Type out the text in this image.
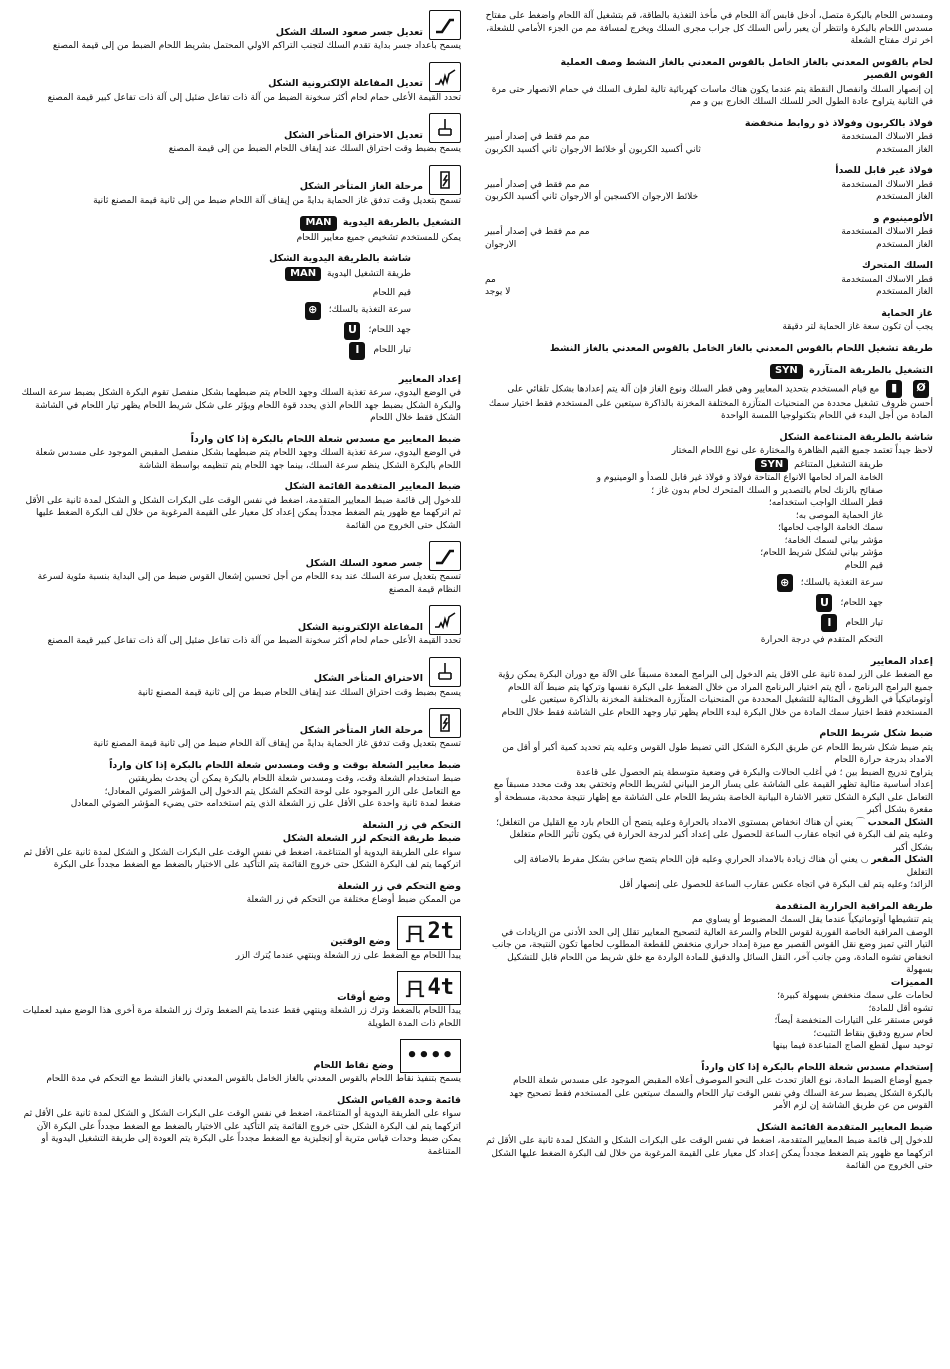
تعديل جسر صعود السلك الشكل

يسمح باعداد جسر بداية تقدم السلك لتجنب التراكم الاولي المحتمل بشريط اللحام الضبط من إلى قيمة المصنع

تعديل المفاعلة الإلكترونية الشكل

تحدد القيمة الأعلى حمام لحام أكثر سخونة الضبط من آلة ذات تفاعل ضئيل إلى آلة ذات تفاعل كبير قيمة المصنع

تعديل الاحتراق المتأخر الشكل

يسمح بضبط وقت احتراق السلك عند إيقاف اللحام الضبط من إلى قيمة المصنع

مرحلة الغاز المتأخر الشكل

تسمح بتعديل وقت تدفق غاز الحماية بدايةً من إيقاف آلة اللحام ضبط من إلى ثانية قيمة المصنع ثانية

التشغيل بالطريقة اليدوية MAN

يمكن للمستخدم تشخيص جميع معايير اللحام

شاشة بالطريقة اليدوية الشكل

طريقة التشغيل اليدوية MAN

قيم اللحام

سرعة التغذية بالسلك؛
⊕
جهد اللحام؛
U
تيار اللحام
I
إعداد المعايير

في الوضع اليدوي، سرعة تغذية السلك وجهد اللحام يتم ضبطهما بشكل منفصل تقوم البكرة الشكل بضبط سرعة السلك والبكرة الشكل بضبط جهد اللحام الذي يحدد قوة اللحام ويؤثر على شكل شريط اللحام يظهر تيار اللحام في الشاشة الشكل فقط خلال اللحام

ضبط المعايير مع مسدس شعلة اللحام بالبكرة إذا كان وارداً

في الوضع اليدوي، سرعة تغذية السلك وجهد اللحام يتم ضبطهما بشكل منفصل المقبض الموجود على مسدس شعلة اللحام بالبكرة الشكل ينظم سرعة السلك، بينما جهد اللحام يتم تنظيمه بواسطة الشاشة

ضبط المعايير المتقدمة القائمة الشكل

للدخول إلى قائمة ضبط المعايير المتقدمة، اضغط في نفس الوقت على البكرات الشكل و الشكل لمدة ثانية على الأقل ثم اتركهما مع ظهور يتم الضغط مجدداً يمكن إعداد كل معيار على القيمة المرغوبة من خلال لف البكرة الضغط عليها الشكل حتى الخروج من القائمة

جسر صعود السلك الشكل

تسمح بتعديل سرعة السلك عند بدء اللحام من أجل تحسين إشعال القوس ضبط من إلى البداية بنسبة مئوية لسرعة النظام قيمة المصنع

المفاعلة الإلكترونية الشكل

تحدد القيمة الأعلى حمام لحام أكثر سخونة الضبط من آلة ذات تفاعل ضئيل إلى آلة ذات تفاعل كبير قيمة المصنع

الاحتراق المتأخر الشكل

يسمح بضبط وقت احتراق السلك عند إيقاف اللحام ضبط من إلى ثانية قيمة المصنع ثانية

مرحلة الغاز المتأخر الشكل

تسمح بتعديل وقت تدفق غاز الحماية بدايةً من إيقاف آلة اللحام ضبط من إلى ثانية قيمة المصنع ثانية

ضبط معايير الشعلة بوقت و وقت ومسدس شعلة اللحام بالبكرة إذا كان وارداً

ضبط استخدام الشعلة وقت، وقت ومسدس شعلة اللحام بالبكرة يمكن أن يحدث بطريقتين

مع التعامل على الزر الموجود على لوحة التحكم الشكل يتم الدخول إلى المؤشر الضوئي المعادل؛

ضغط لمدة ثانية واحدة على الأقل على زر الشعلة الذي يتم استخدامه حتى يضيء المؤشر الضوئي المعادل

التحكم في زر الشعلة
ضبط طريقة التحكم لزر الشعلة الشكل

سواء على الطريقة اليدوية أو المتناغمة، اضغط في نفس الوقت على البكرات الشكل و الشكل لمدة ثانية على الأقل ثم اتركهما يتم لف البكرة الشكل حتى خروج القائمة يتم التأكيد على الاختيار بالضغط مع الضغط مجدداً على البكرة

وضع التحكم في زر الشعلة

من الممكن ضبط أوضاع مختلفة من التحكم في زر الشعلة

2t
وضع الوقتين

يبدأ اللحام مع الضغط على زر الشعلة وينتهي عندما يُترك الزر

4t
وضع أوقات

يبدأ اللحام بالضغط وترك زر الشعلة وينتهي فقط عندما يتم الضغط وترك زر الشعلة مرة أخرى هذا الوضع مفيد لعمليات اللحام ذات المدة الطويلة

••••
وضع نقاط اللحام

يسمح بتنفيذ نقاط اللحام بالقوس المعدني بالغاز الخامل بالقوس المعدني بالغاز النشط مع التحكم في مدة اللحام

قائمة وحدة القياس الشكل

سواء على الطريقة اليدوية أو المتناغمة، اضغط في نفس الوقت على البكرات الشكل و الشكل لمدة ثانية على الأقل ثم اتركهما يتم لف البكرة الشكل حتى خروج القائمة يتم التأكيد على الاختيار بالضغط مع الضغط مجدداً على البكرة الآن يمكن ضبط وحدات قياس مترية أو إنجليزية مع الضغط مجدداً على البكرة يتم العودة إلى طريقة التشغيل اليدوية أو المتناغمة

ومسدس اللحام بالبكرة متصل، أدخل قابس آلة اللحام في مأخذ التغذية بالطاقة، قم بتشغيل آلة اللحام واضغط على مفتاح مسدس اللحام بالبكرة وانتظر أن يعبر رأس السلك كل جراب مجرى السلك ويخرج لمسافة مم من الجزء الأمامي للشعلة، اخر ترك مفتاح الشعلة

لحام بالقوس المعدني بالغاز الخامل بالقوس المعدني بالغاز النشط وصف العملية
القوس القصير

إن إنصهار السلك وانفصال النقطة يتم عندما يكون هناك ماسات كهربائية تالية لطرف السلك في حمام الانصهار حتى مرة في الثانية يتراوح عادة الطول الحر للسلك السلك الخارج بين و مم

فولاذ بالكربون وفولاذ ذو روابط منخفضة
قطر الاسلاك المستخدمة
مم مم فقط في إصدار أمبير
الغاز المستخدم
ثاني أكسيد الكربون أو خلائط الارجوان ثاني أكسيد الكربون
فولاذ غير قابل للصدأ
قطر الاسلاك المستخدمة
مم مم فقط في إصدار أمبير
الغاز المستخدم
خلائط الارجوان الاكسجين أو الارجوان ثاني أكسيد الكربون
الألومينيوم و
قطر الاسلاك المستخدمة
مم مم فقط في إصدار أمبير
الغاز المستخدم
الارجوان
السلك المتحرك
قطر الاسلاك المستخدمة
مم
الغاز المستخدم
لا يوجد
غاز الحماية

يجب أن تكون سعة غاز الحماية لتر دقيقة

طريقة تشغيل اللحام بالقوس المعدني بالغاز الخامل بالقوس المعدني بالغاز النشط
التشغيل بالطريقة المتآزرة SYN

Ø ▮ مع قيام المستخدم بتحديد المعايير وهي قطر السلك ونوع الغاز فإن آلة يتم إعدادها بشكل تلقائي على أحسن ظروف تشغيل محددة من المنحنيات المتآزرة المختلفة المخزنة بالذاكرة سيتعين على المستخدم فقط اختيار سمك المادة من أجل البدء في اللحام بتكنولوجيا اللمسة الواحدة

شاشة بالطريقة المتناغمة الشكل

لاحظ جيداً تعتمد جميع القيم الظاهرة والمختارة على نوع اللحام المختار

طريقة التشغيل المتناغم SYN

الخامة المراد لحامها الانواع المتاحة فولاذ و فولاذ غير قابل للصدأ و الومينيوم و

صفائح بالزنك لحام بالتصدير و السلك المتحرك لحام بدون غاز ؛

قطر السلك الواجب استخدامه؛

غاز الحماية الموصى به؛

سمك الخامة الواجب لحامها؛

مؤشر بياني لسمك الخامة؛

مؤشر بياني لشكل شريط اللحام؛

قيم اللحام

سرعة التغذية بالسلك؛
⊕
جهد اللحام؛
U
تيار اللحام
I

التحكم المتقدم في درجة الحرارة

إعداد المعايير

مع الضغط على الزر لمدة ثانية على الاقل يتم الدخول إلى البرامج المعدة مسبقاً على الآلة مع دوران البكرة يمكن رؤية جميع البرامج البرنامج ، ألخ يتم اختيار البرنامج المراد من خلال الضغط على البكرة نفسها وتركها يتم ضبط آلة اللحام أوتوماتيكياً في الظروف المثالية للتشغيل المحددة من المنحنيات المتآزرة المختلفة المخزنة بالذاكرة سيتعين على المستخدم فقط اختيار سمك المادة من خلال البكرة لبدء اللحام يظهر تيار وجهد اللحام على الشاشة فقط خلال اللحام

ضبط شكل شريط اللحام

يتم ضبط شكل شريط اللحام عن طريق البكرة الشكل التي تضبط طول القوس وعليه يتم تحديد كمية أكبر أو أقل من الامداد بدرجة حرارة اللحام

يتراوح تدريج الضبط بين ؛ في أغلب الحالات والبكرة في وضعية متوسطة يتم الحصول على قاعدة

إعداد أساسية مثالية تظهر القيمة على الشاشة على يسار الرمز البياني لشريط اللحام وتختفي بعد وقت محدد مسبقاً مع التعامل على البكرة الشكل تتغير الاشارة البيانية الخاصة بشريط اللحام على الشاشة مع إظهار نتيجة محدبة، مسطحة أو مقعرة بشكل أكبر

الشكل المحدب ⌒ يعني أن هناك انخفاض بمستوى الامداد بالحرارة وعليه يتضح أن اللحام بارد مع القليل من التغلغل؛

وعليه يتم لف البكرة في اتجاه عقارب الساعة للحصول على إعداد أكبر لدرجة الحرارة في يكون تأثير اللحام متغلغل بشكل أكبر

الشكل المقعر ◡ يعني أن هناك زيادة بالامداد الحراري وعليه فإن اللحام يتضح ساخن بشكل مفرط بالاضافة إلى التغلغل

الزائد؛ وعليه يتم لف البكرة في اتجاه عكس عقارب الساعة للحصول على إنصهار أقل

طريقة المراقبة الحرارية المتقدمة

يتم تنشيطها أوتوماتيكياً عندما يقل السمك المضبوط أو يساوي مم

الوصف المراقبة الخاصة الفورية لقوس اللحام والسرعة العالية لتصحيح المعايير تقلل إلى الحد الأدنى من الزيادات في التيار التي تميز وضع نقل القوس القصير مع ميزة إمداد حراري منخفض للقطعة المطلوب لحامها تكون النتيجة، من جانب انخفاض تشوه المادة، ومن جانب آخر، النقل السائل والدقيق للمادة الواردة مع خلق شريط من اللحام قابل للتشكيل بسهولة

المميزات

لحامات على سمك منخفض بسهولة كبيرة؛

تشوه أقل للمادة؛

قوس مستقر على التيارات المنخفضة أيضاً؛

لحام سريع ودقيق بنقاط التثبيت؛

توحيد سهل لقطع الصاج المتباعدة فيما بينها

إستخدام مسدس شعلة اللحام بالبكرة إذا كان وارداً

جميع أوضاع الضبط المادة، نوع الغاز تحدث على النحو الموصوف أعلاه المقبض الموجود على مسدس شعلة اللحام بالبكرة الشكل يضبط سرعة السلك وفي نفس الوقت تيار اللحام والسمك سيتعين على المستخدم فقط تصحيح جهد القوس من عن طريق الشاشة إن لزم الأمر

ضبط المعايير المتقدمة القائمة الشكل

للدخول إلى قائمة ضبط المعايير المتقدمة، اضغط في نفس الوقت على البكرات الشكل و الشكل لمدة ثانية على الأقل ثم اتركهما مع ظهور يتم الضغط مجدداً يمكن إعداد كل معيار على القيمة المرغوبة من خلال لف البكرة الضغط عليها الشكل حتى الخروج من القائمة
